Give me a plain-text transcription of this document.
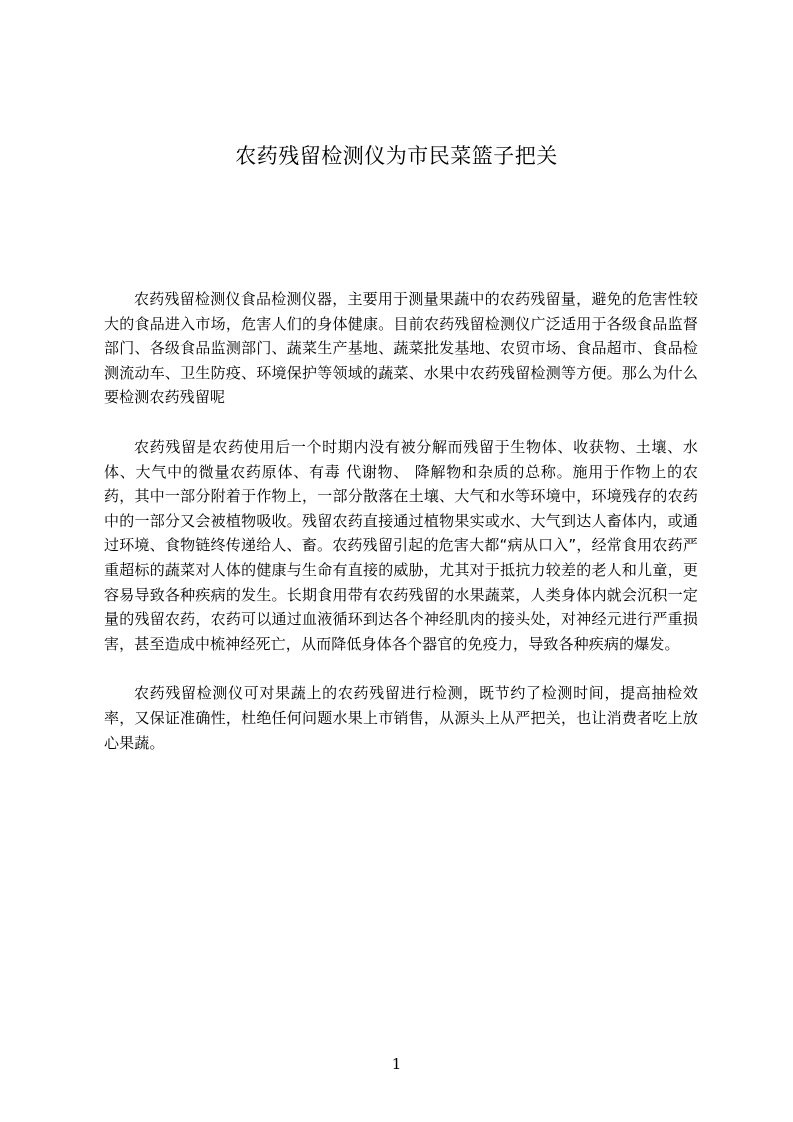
农药残留检测仪为市民菜篮子把关

农药残留检测仪食品检测仪器，主要用于测量果蔬中的农药残留量，避免的危害性较大的食品进入市场，危害人们的身体健康。目前农药残留检测仪广泛适用于各级食品监督部门、各级食品监测部门、蔬菜生产基地、蔬菜批发基地、农贸市场、食品超市、食品检测流动车、卫生防疫、环境保护等领域的蔬菜、水果中农药残留检测等方便。那么为什么要检测农药残留呢

农药残留是农药使用后一个时期内没有被分解而残留于生物体、收获物、土壤、水体、大气中的微量农药原体、有毒 代谢物、 降解物和杂质的总称。施用于作物上的农药，其中一部分附着于作物上，一部分散落在土壤、大气和水等环境中，环境残存的农药中的一部分又会被植物吸收。残留农药直接通过植物果实或水、大气到达人畜体内，或通过环境、食物链终传递给人、畜。农药残留引起的危害大都“病从口入”，经常食用农药严重超标的蔬菜对人体的健康与生命有直接的威胁，尤其对于抵抗力较差的老人和儿童，更容易导致各种疾病的发生。长期食用带有农药残留的水果蔬菜，人类身体内就会沉积一定量的残留农药，农药可以通过血液循环到达各个神经肌肉的接头处，对神经元进行严重损害，甚至造成中梳神经死亡，从而降低身体各个器官的免疫力，导致各种疾病的爆发。

农药残留检测仪可对果蔬上的农药残留进行检测，既节约了检测时间，提高抽检效率，又保证准确性，杜绝任何问题水果上市销售，从源头上从严把关，也让消费者吃上放心果蔬。

1
